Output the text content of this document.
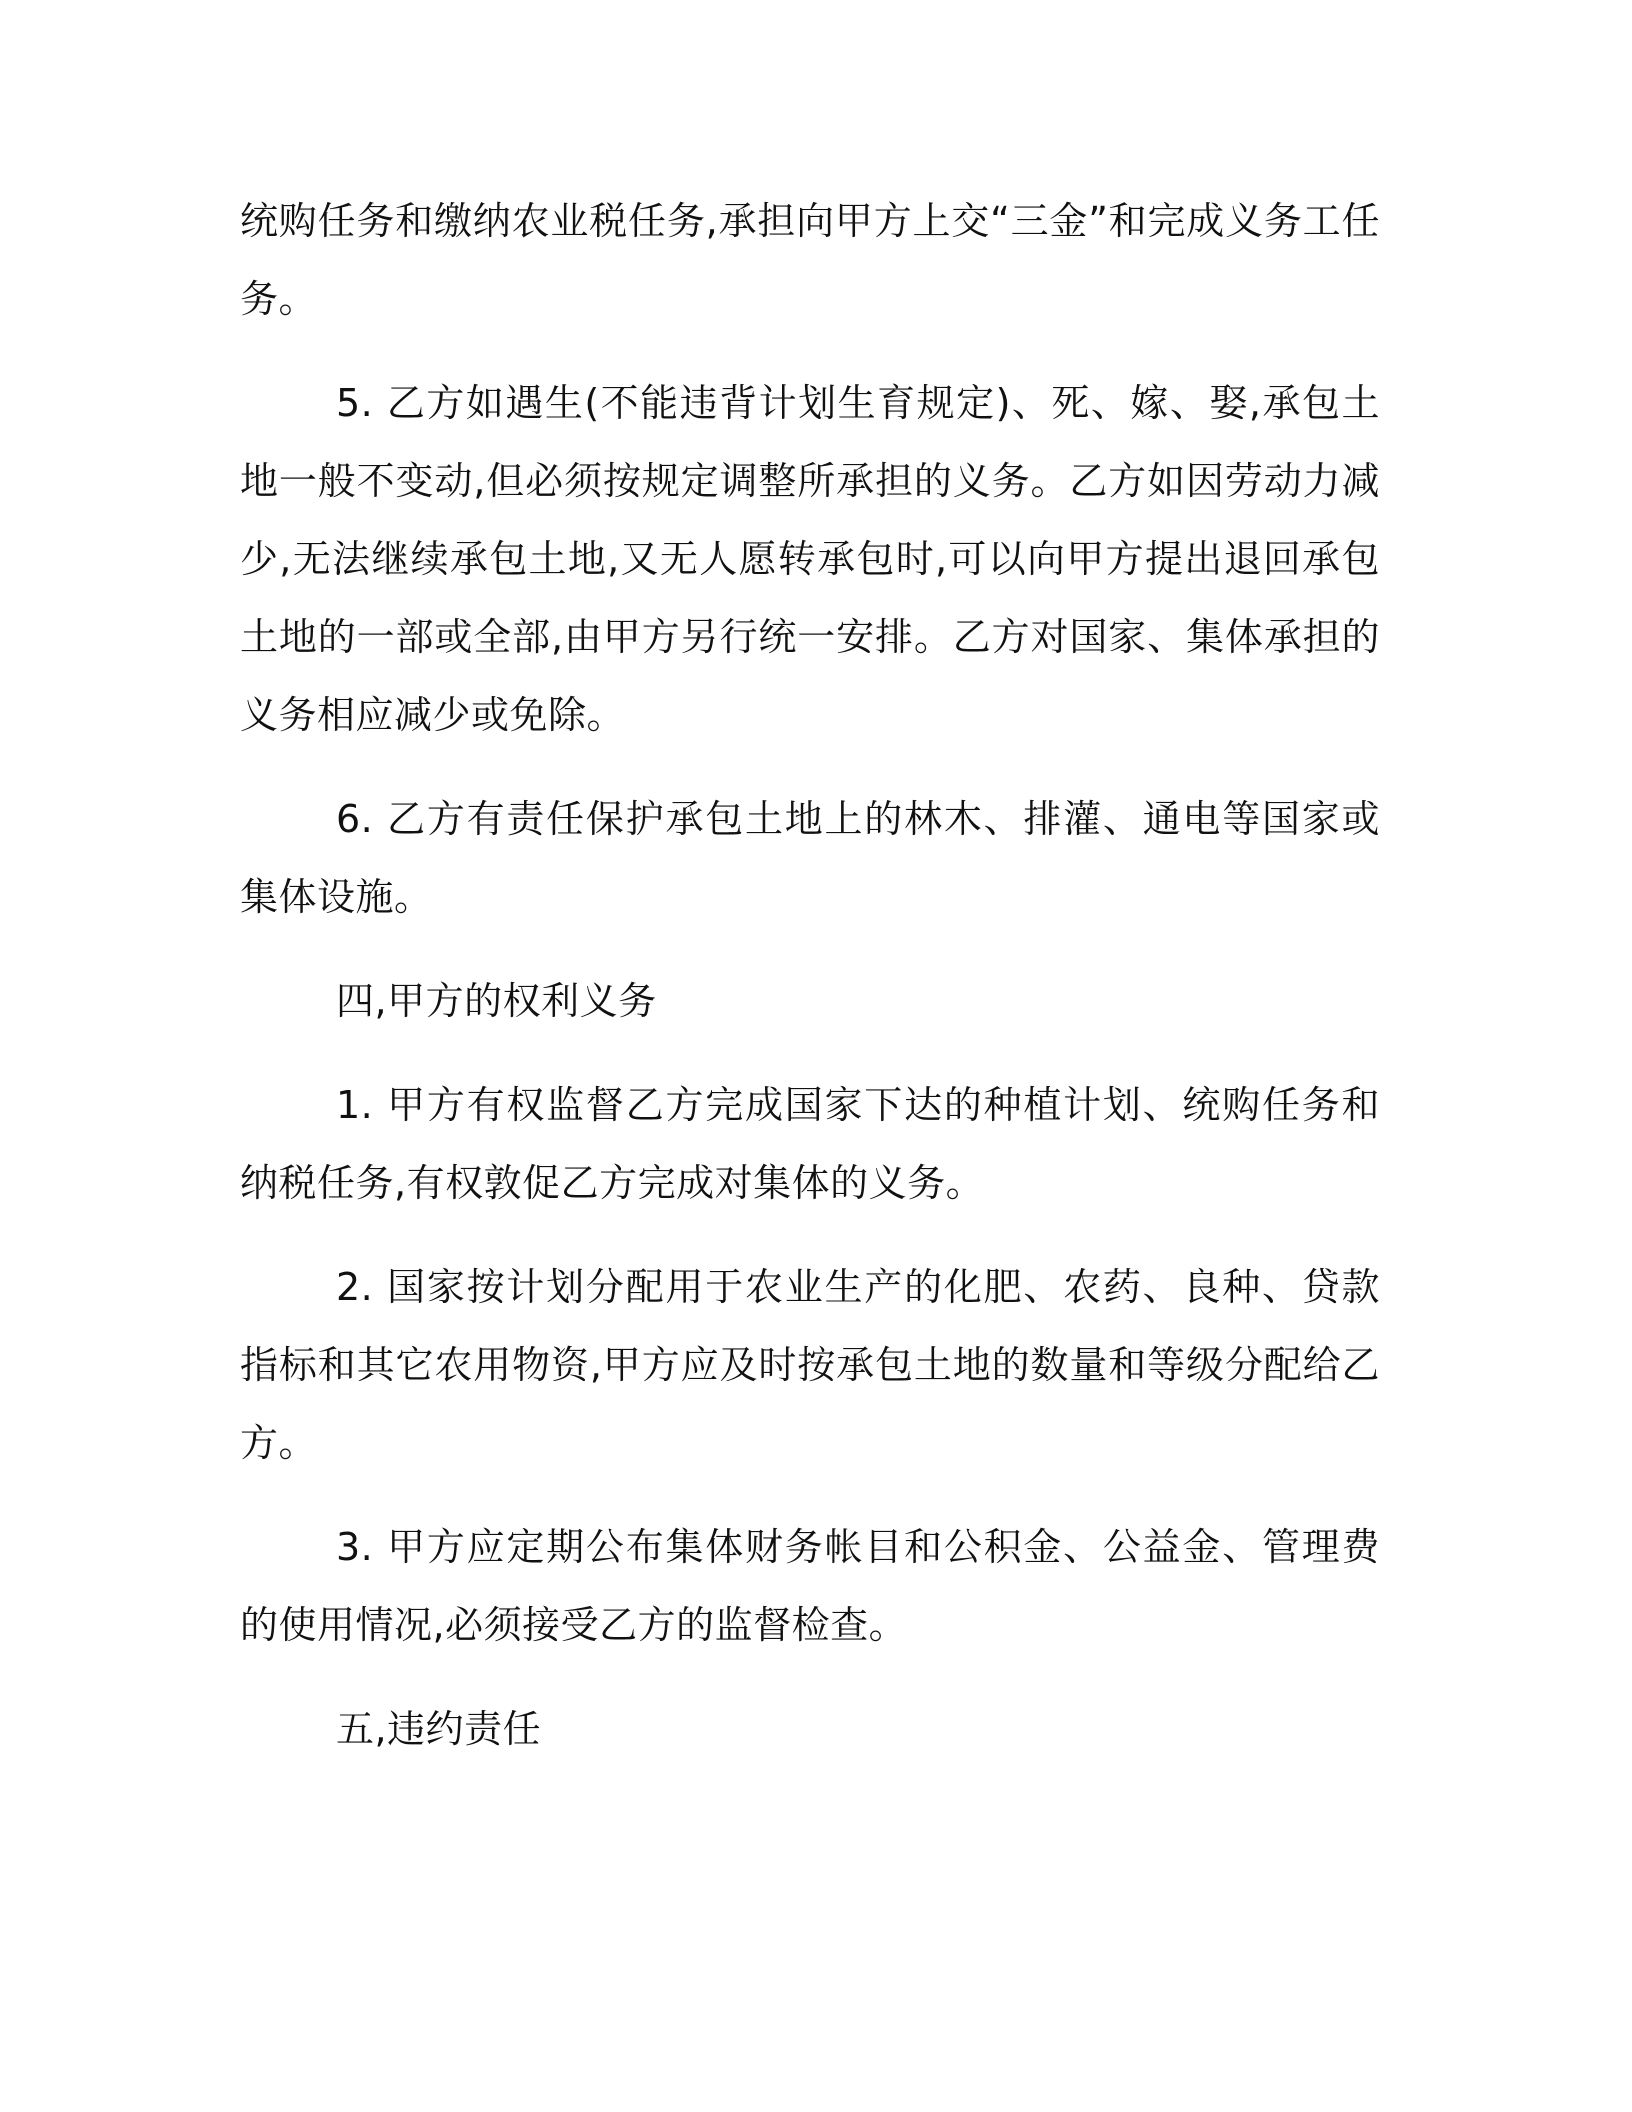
统购任务和缴纳农业税任务,承担向甲方上交“三金”和完成义务工任务。

5. 乙方如遇生(不能违背计划生育规定)、死、嫁、娶,承包土地一般不变动,但必须按规定调整所承担的义务。乙方如因劳动力减少,无法继续承包土地,又无人愿转承包时,可以向甲方提出退回承包土地的一部或全部,由甲方另行统一安排。乙方对国家、集体承担的义务相应减少或免除。

6. 乙方有责任保护承包土地上的林木、排灌、通电等国家或集体设施。

四,甲方的权利义务

1. 甲方有权监督乙方完成国家下达的种植计划、统购任务和纳税任务,有权敦促乙方完成对集体的义务。

2. 国家按计划分配用于农业生产的化肥、农药、良种、贷款指标和其它农用物资,甲方应及时按承包土地的数量和等级分配给乙方。

3. 甲方应定期公布集体财务帐目和公积金、公益金、管理费的使用情况,必须接受乙方的监督检查。

五,违约责任
